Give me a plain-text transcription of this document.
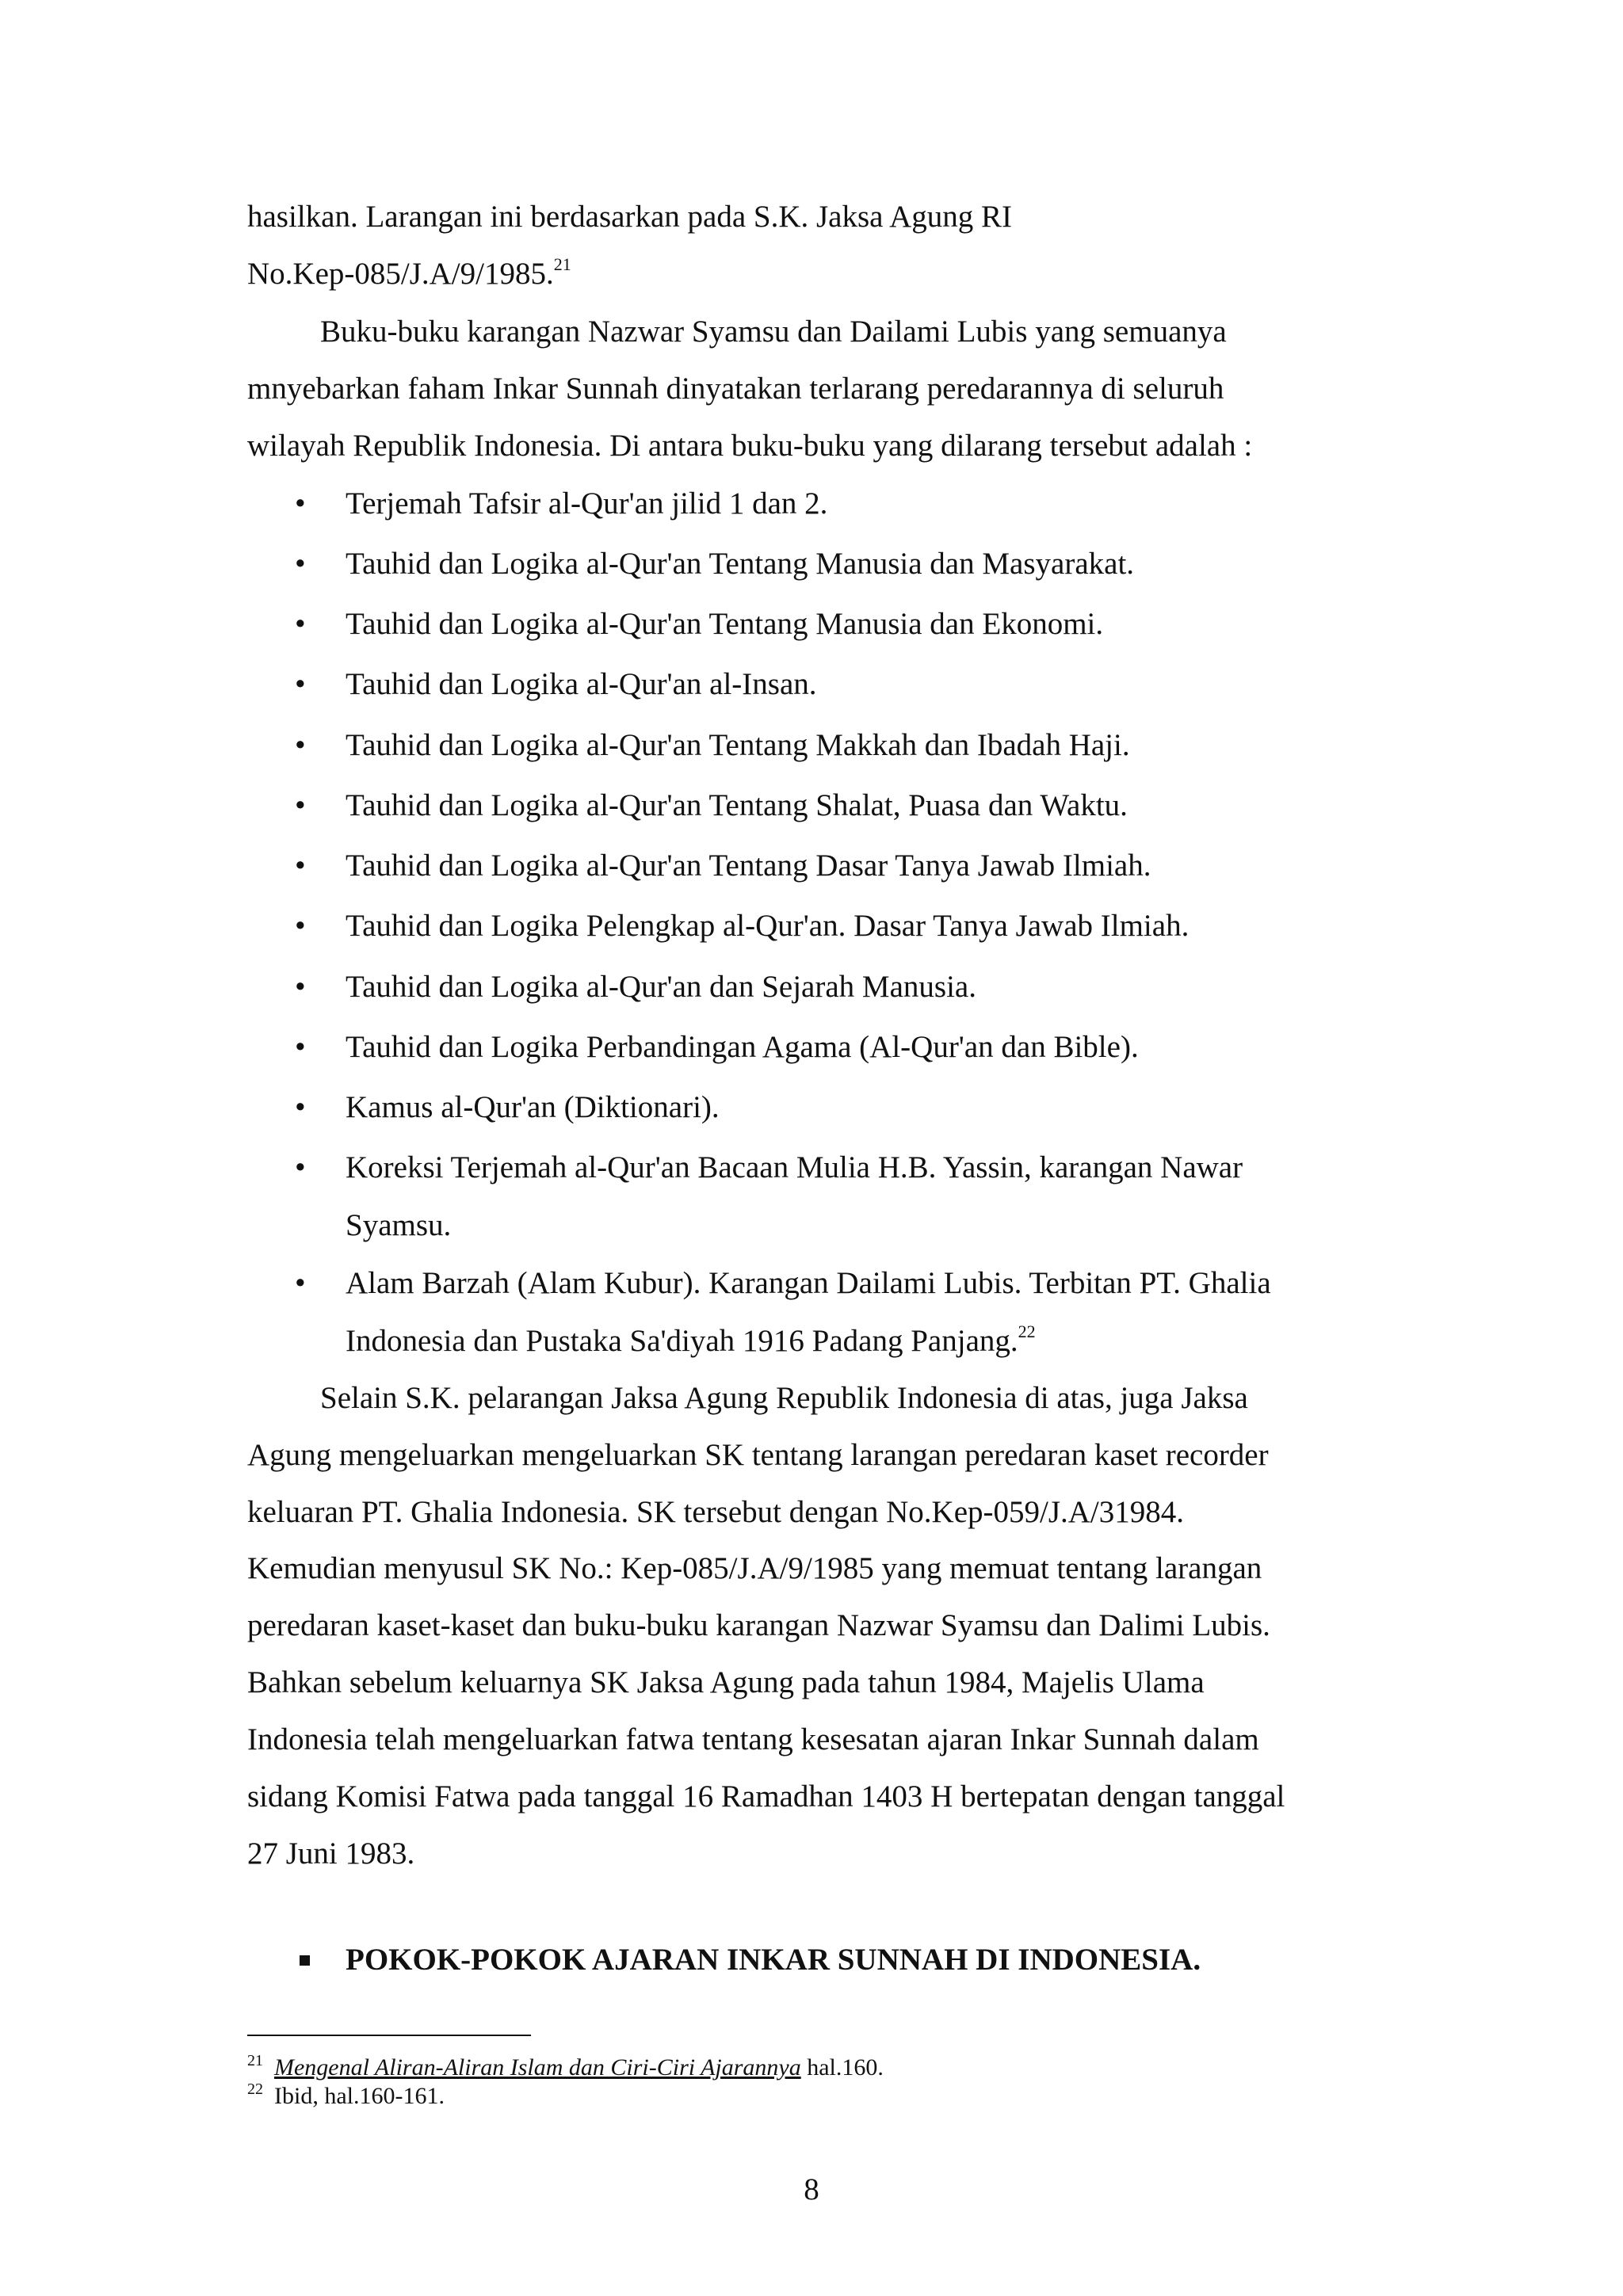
hasilkan. Larangan ini berdasarkan pada S.K. Jaksa Agung RI
No.Kep-085/J.A/9/1985.21
Buku-buku karangan Nazwar Syamsu dan Dailami Lubis yang semuanya
mnyebarkan faham Inkar Sunnah dinyatakan terlarang peredarannya di seluruh
wilayah Republik Indonesia. Di antara buku-buku yang dilarang tersebut adalah :
• Terjemah Tafsir al-Qur'an jilid 1 dan 2.
• Tauhid dan Logika al-Qur'an Tentang Manusia dan Masyarakat.
• Tauhid dan Logika al-Qur'an Tentang Manusia dan Ekonomi.
• Tauhid dan Logika al-Qur'an al-Insan.
• Tauhid dan Logika al-Qur'an Tentang Makkah dan Ibadah Haji.
• Tauhid dan Logika al-Qur'an Tentang Shalat, Puasa dan Waktu.
• Tauhid dan Logika al-Qur'an Tentang Dasar Tanya Jawab Ilmiah.
• Tauhid dan Logika Pelengkap al-Qur'an. Dasar Tanya Jawab Ilmiah.
• Tauhid dan Logika al-Qur'an dan Sejarah Manusia.
• Tauhid dan Logika Perbandingan Agama (Al-Qur'an dan Bible).
• Kamus al-Qur'an (Diktionari).
• Koreksi Terjemah al-Qur'an Bacaan Mulia H.B. Yassin, karangan Nawar
Syamsu.
• Alam Barzah (Alam Kubur). Karangan Dailami Lubis. Terbitan PT. Ghalia
Indonesia dan Pustaka Sa'diyah 1916 Padang Panjang.$^{22}$
Selain S.K. pelarangan Jaksa Agung Republik Indonesia di atas, juga Jaksa
Agung mengeluarkan mengeluarkan SK tentang larangan peredaran kaset recorder
keluaran PT. Ghalia Indonesia. SK tersebut dengan No.Kep-059/J.A/31984.
Kemudian menyusul SK No.: Kep-085/J.A/9/1985 yang memuat tentang larangan
peredaran kaset-kaset dan buku-buku karangan Nazwar Syamsu dan Dalimi Lubis.
Bahkan sebelum keluarnya SK Jaksa Agung pada tahun 1984, Majelis Ulama
Indonesia telah mengeluarkan fatwa tentang kesesatan ajaran Inkar Sunnah dalam
sidang Komisi Fatwa pada tanggal 16 Ramadhan 1403 H bertepatan dengan tanggal
27 Juni 1983.
POKOK-POKOK AJARAN INKAR SUNNAH DI INDONESIA.
$^{21}$ Mengenal Aliran-Aliran Islam dan Ciri-Ciri Ajarannya hal.160.
$^{22}$ Ibid, hal.160-161.
8
